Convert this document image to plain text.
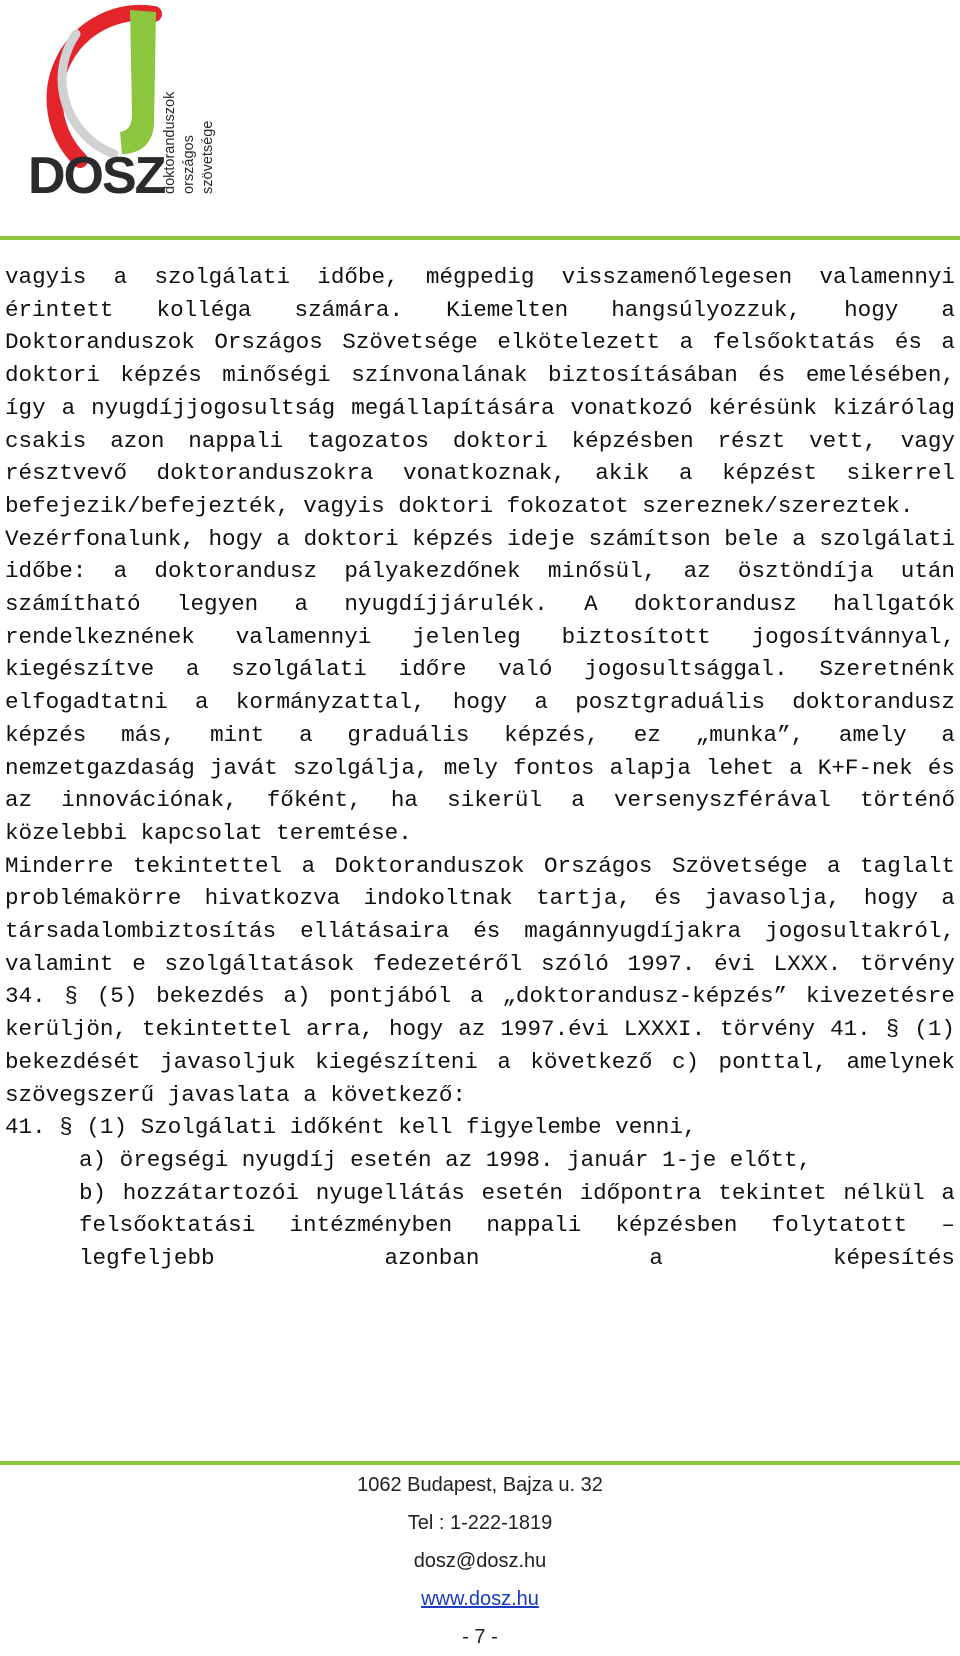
DOSZ
doktoranduszok országos szövetsége

vagyis a szolgálati időbe, mégpedig visszamenőlegesen valamennyi érintett kolléga számára. Kiemelten hangsúlyozzuk, hogy a Doktoranduszok Országos Szövetsége elkötelezett a felsőoktatás és a doktori képzés minőségi színvonalának biztosításában és emelésében, így a nyugdíjjogosultság megállapítására vonatkozó kérésünk kizárólag csakis azon nappali tagozatos doktori képzésben részt vett, vagy résztvevő doktoranduszokra vonatkoznak, akik a képzést sikerrel befejezik/befejezték, vagyis doktori fokozatot szereznek/szereztek.

Vezérfonalunk, hogy a doktori képzés ideje számítson bele a szolgálati időbe: a doktorandusz pályakezdőnek minősül, az ösztöndíja után számítható legyen a nyugdíjjárulék. A doktorandusz hallgatók rendelkeznének valamennyi jelenleg biztosított jogosítvánnyal, kiegészítve a szolgálati időre való jogosultsággal. Szeretnénk elfogadtatni a kormányzattal, hogy a posztgraduális doktorandusz képzés más, mint a graduális képzés, ez „munka”, amely a nemzetgazdaság javát szolgálja, mely fontos alapja lehet a K+F-nek és az innovációnak, főként, ha sikerül a versenyszférával történő közelebbi kapcsolat teremtése.

Minderre tekintettel a Doktoranduszok Országos Szövetsége a taglalt problémakörre hivatkozva indokoltnak tartja, és javasolja, hogy a társadalombiztosítás ellátásaira és magánnyugdíjakra jogosultakról, valamint e szolgáltatások fedezetéről szóló 1997. évi LXXX. törvény 34. § (5) bekezdés a) pontjából a „doktorandusz-képzés” kivezetésre kerüljön, tekintettel arra, hogy az 1997.évi LXXXI. törvény 41. § (1) bekezdését javasoljuk kiegészíteni a következő c) ponttal, amelynek szövegszerű javaslata a következő:

41. § (1) Szolgálati időként kell figyelembe venni,

a) öregségi nyugdíj esetén az 1998. január 1-je előtt,

b) hozzátartozói nyugellátás esetén időpontra tekintet nélkül a felsőoktatási intézményben nappali képzésben folytatott – legfeljebb azonban a képesítés

1062 Budapest, Bajza u. 32
Tel : 1-222-1819
dosz@dosz.hu
www.dosz.hu
- 7 -
